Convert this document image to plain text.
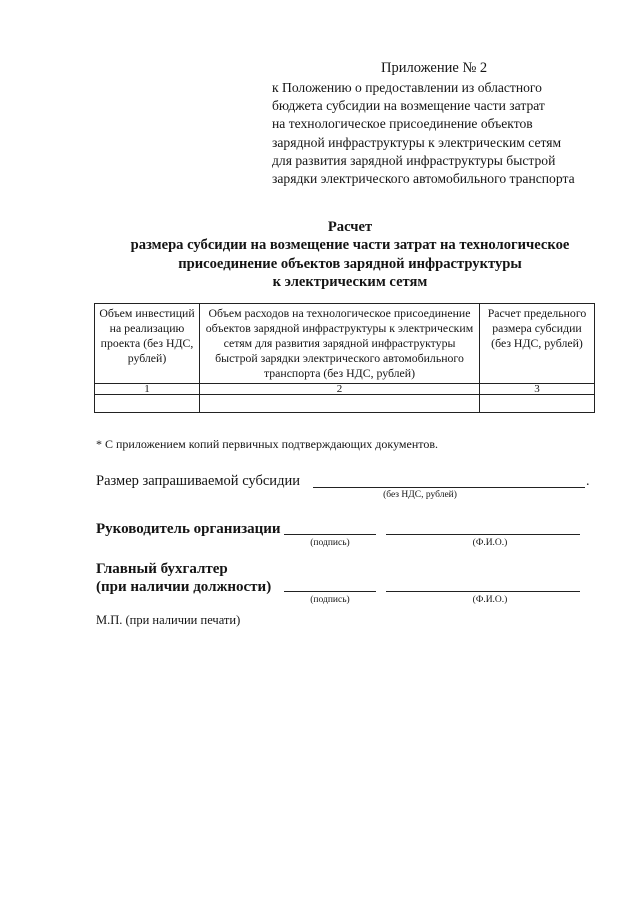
Приложение № 2
к Положению о предоставлении из областного
бюджета субсидии на возмещение части затрат
на технологическое присоединение объектов
зарядной инфраструктуры к электрическим сетям
для развития зарядной инфраструктуры быстрой
зарядки электрического автомобильного транспорта
Расчет
размера субсидии на возмещение части затрат на технологическое
присоединение объектов зарядной инфраструктуры
к электрическим сетям
Объем инвестиций на реализацию проекта (без НДС, рублей)	Объем расходов на технологическое присоединение объектов зарядной инфраструктуры к электрическим сетям для развития зарядной инфраструктуры быстрой зарядки электрического автомобильного транспорта (без НДС, рублей)	Расчет предельного размера субсидии (без НДС, рублей)
1	2	3

* С приложением копий первичных подтверждающих документов.
Размер запрашиваемой субсидии	.
(без НДС, рублей)
Руководитель организации
(подпись)	(Ф.И.О.)
Главный бухгалтер
(при наличии должности)
(подпись)	(Ф.И.О.)
М.П. (при наличии печати)
